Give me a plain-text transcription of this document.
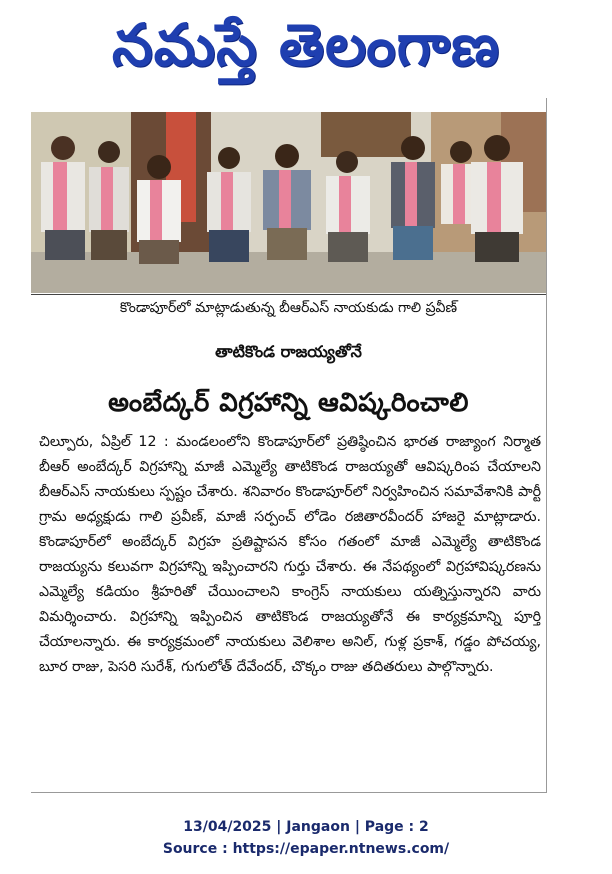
నమస్తే తెలంగాణ
కొండాపూర్‌లో మాట్లాడుతున్న బీఆర్‌ఎస్ నాయకుడు గాలి ప్రవీణ్
తాటికొండ రాజయ్యతోనే
అంబేద్కర్ విగ్రహాన్ని ఆవిష్కరించాలి

చిల్పూరు, ఏప్రిల్ 12 : మండలంలోని కొండాపూర్‌లో ప్రతిష్ఠించిన భారత రాజ్యాంగ నిర్మాత బీఆర్ అంబేద్కర్ విగ్రహాన్ని మాజీ ఎమ్మెల్యే తాటికొండ రాజయ్యతో ఆవిష్కరింప చేయాలని బీఆర్‌ఎస్ నాయకులు స్పష్టం చేశారు. శనివారం కొండాపూర్‌లో నిర్వహించిన సమావేశానికి పార్టీ గ్రామ అధ్యక్షుడు గాలి ప్రవీణ్, మాజీ సర్పంచ్ లోడెం రజితారవీందర్ హాజరై మాట్లాడారు. కొండాపూర్‌లో అంబేద్కర్ విగ్రహ ప్రతిష్టాపన కోసం గతంలో మాజీ ఎమ్మెల్యే తాటికొండ రాజయ్యను కలువగా విగ్రహాన్ని ఇప్పించారని గుర్తు చేశారు. ఈ నేపథ్యంలో విగ్రహావిష్కరణను ఎమ్మెల్యే కడియం శ్రీహరితో చేయించాలని కాంగ్రెస్ నాయకులు యత్నిస్తున్నారని వారు విమర్శించారు. విగ్రహాన్ని ఇప్పించిన తాటికొండ రాజయ్యతోనే ఈ కార్యక్రమాన్ని పూర్తి చేయాలన్నారు. ఈ కార్యక్రమంలో నాయకులు వెలిశాల అనిల్, గుళ్ల ప్రకాశ్, గడ్డం పోచయ్య, బూర రాజు, పెసరి సురేశ్, గుగులోత్ దేవేందర్, చొక్కం రాజు తదితరులు పాల్గొన్నారు.

13/04/2025 | Jangaon | Page : 2
Source : https://epaper.ntnews.com/
